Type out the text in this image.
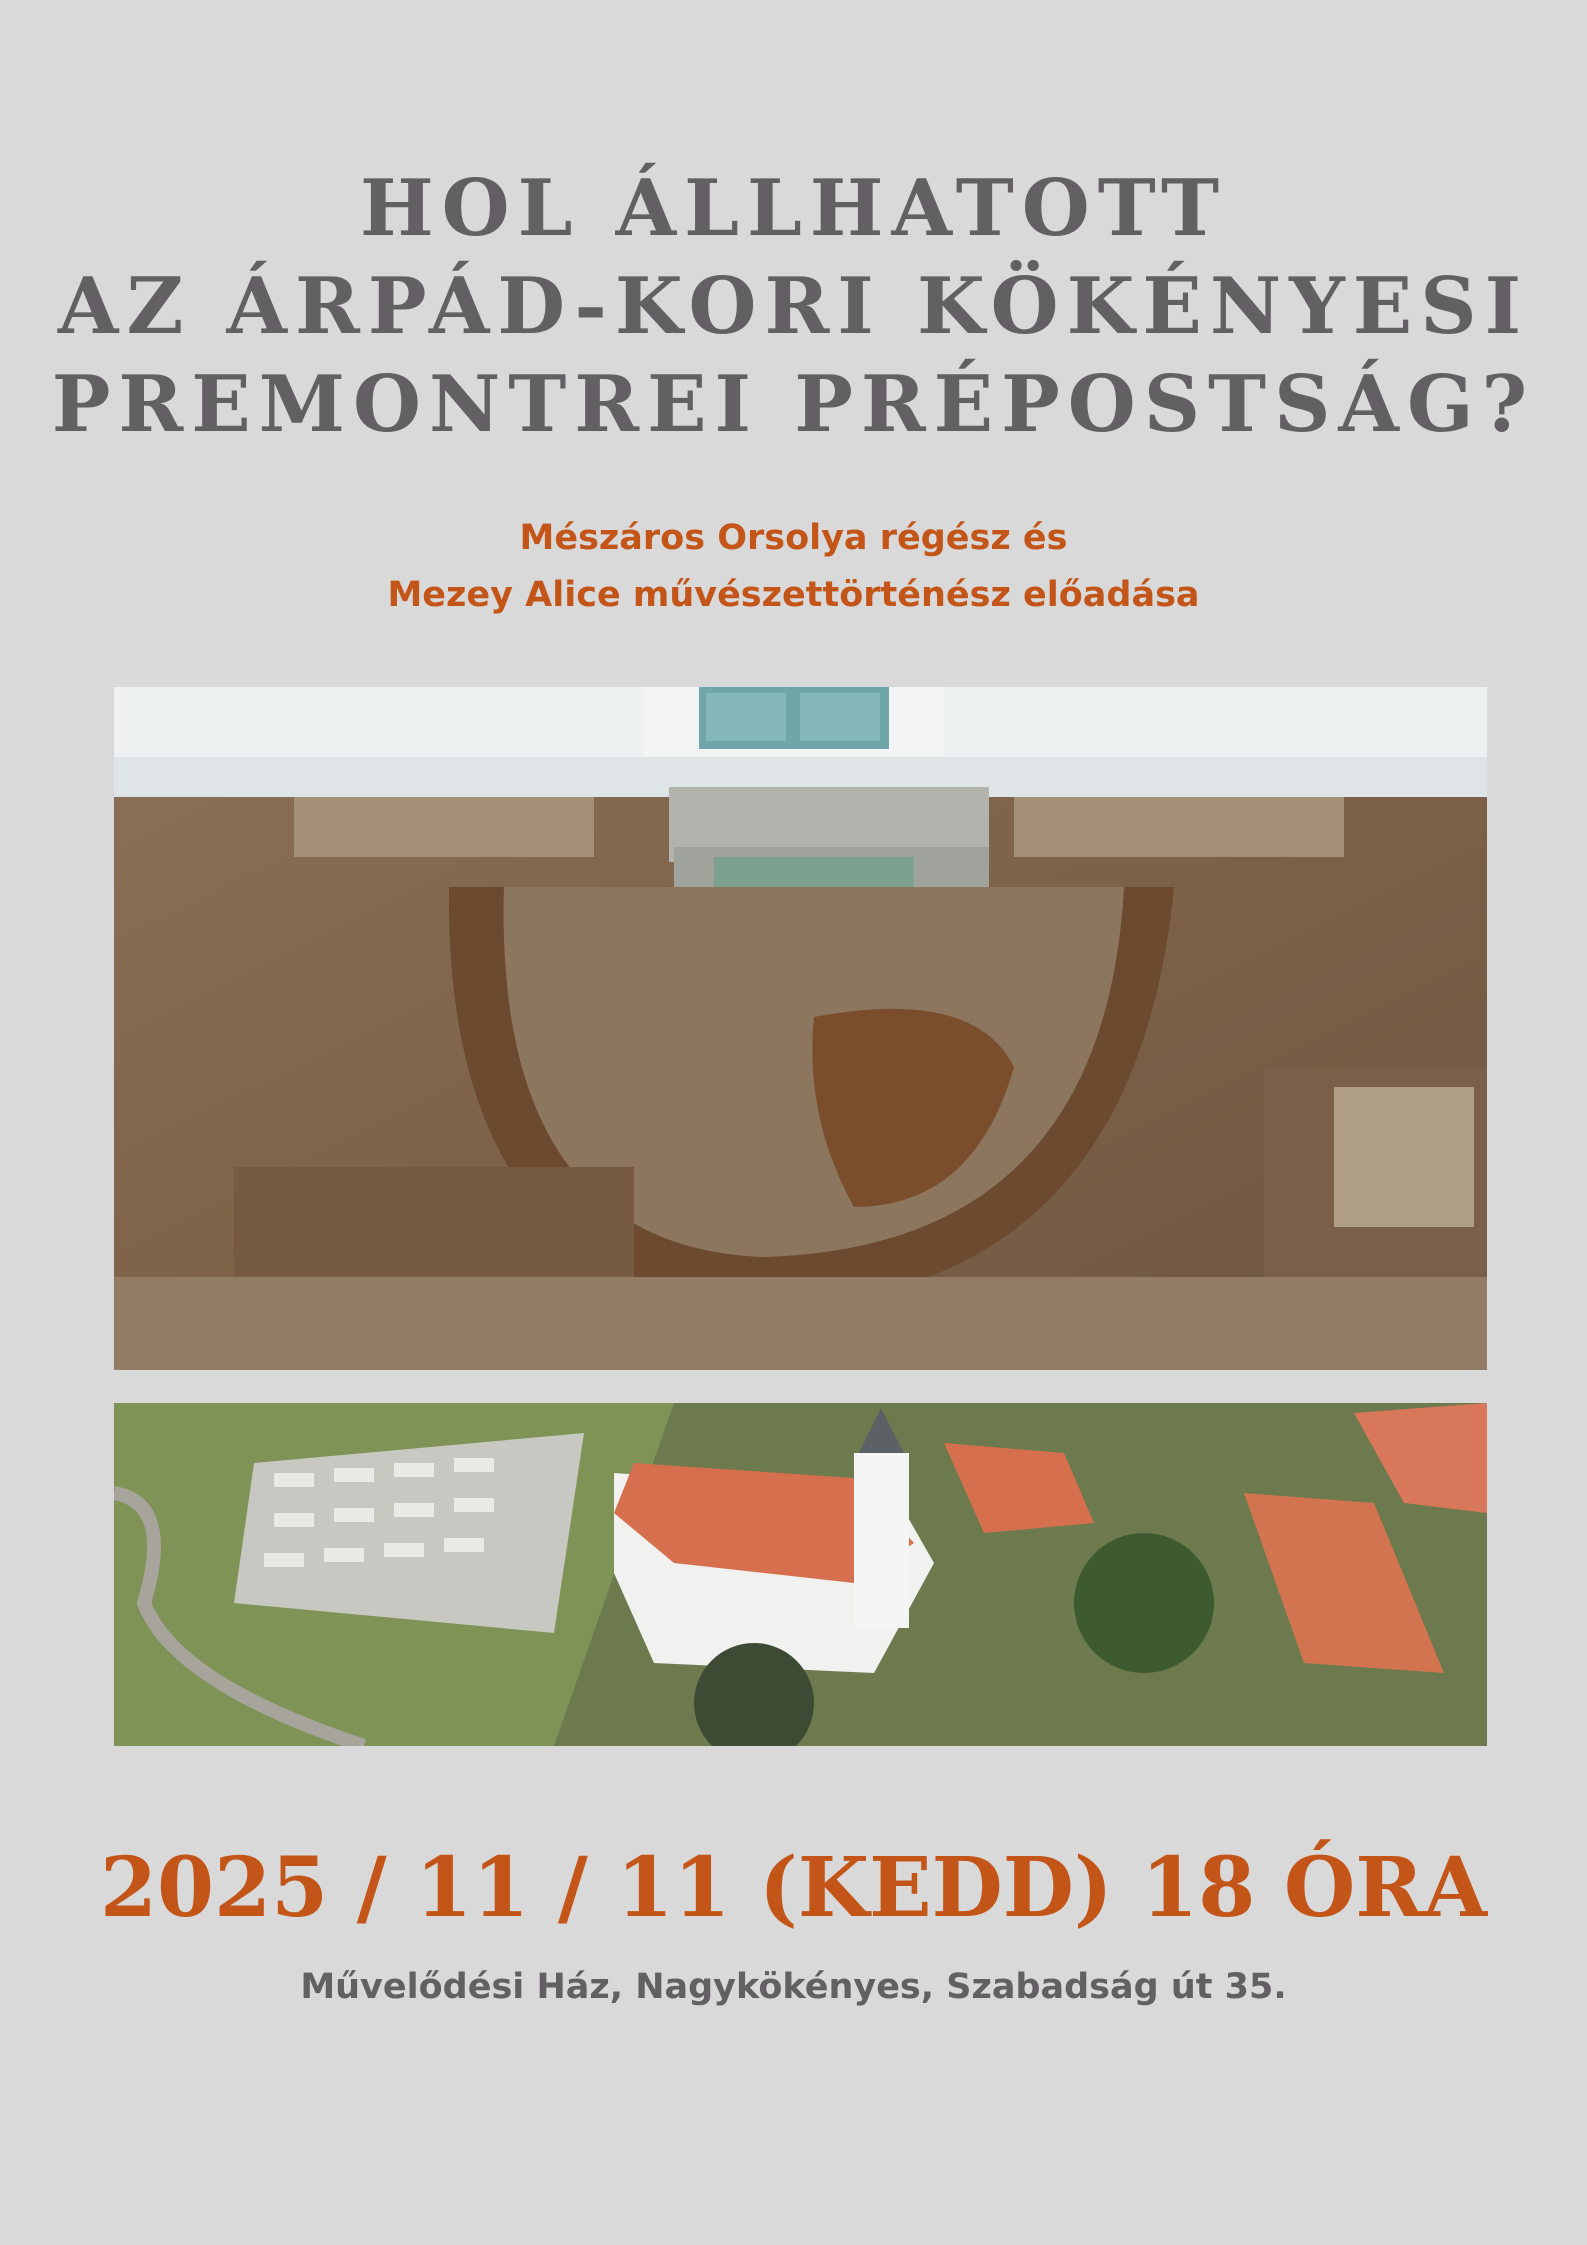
HOL ÁLLHATOTT
AZ ÁRPÁD-KORI KÖKÉNYESI
PREMONTREI PRÉPOSTSÁG?
Mészáros Orsolya régész és
Mezey Alice művészettörténész előadása
2025 / 11 / 11 (KEDD) 18 ÓRA
Művelődési Ház, Nagykökényes, Szabadság út 35.
